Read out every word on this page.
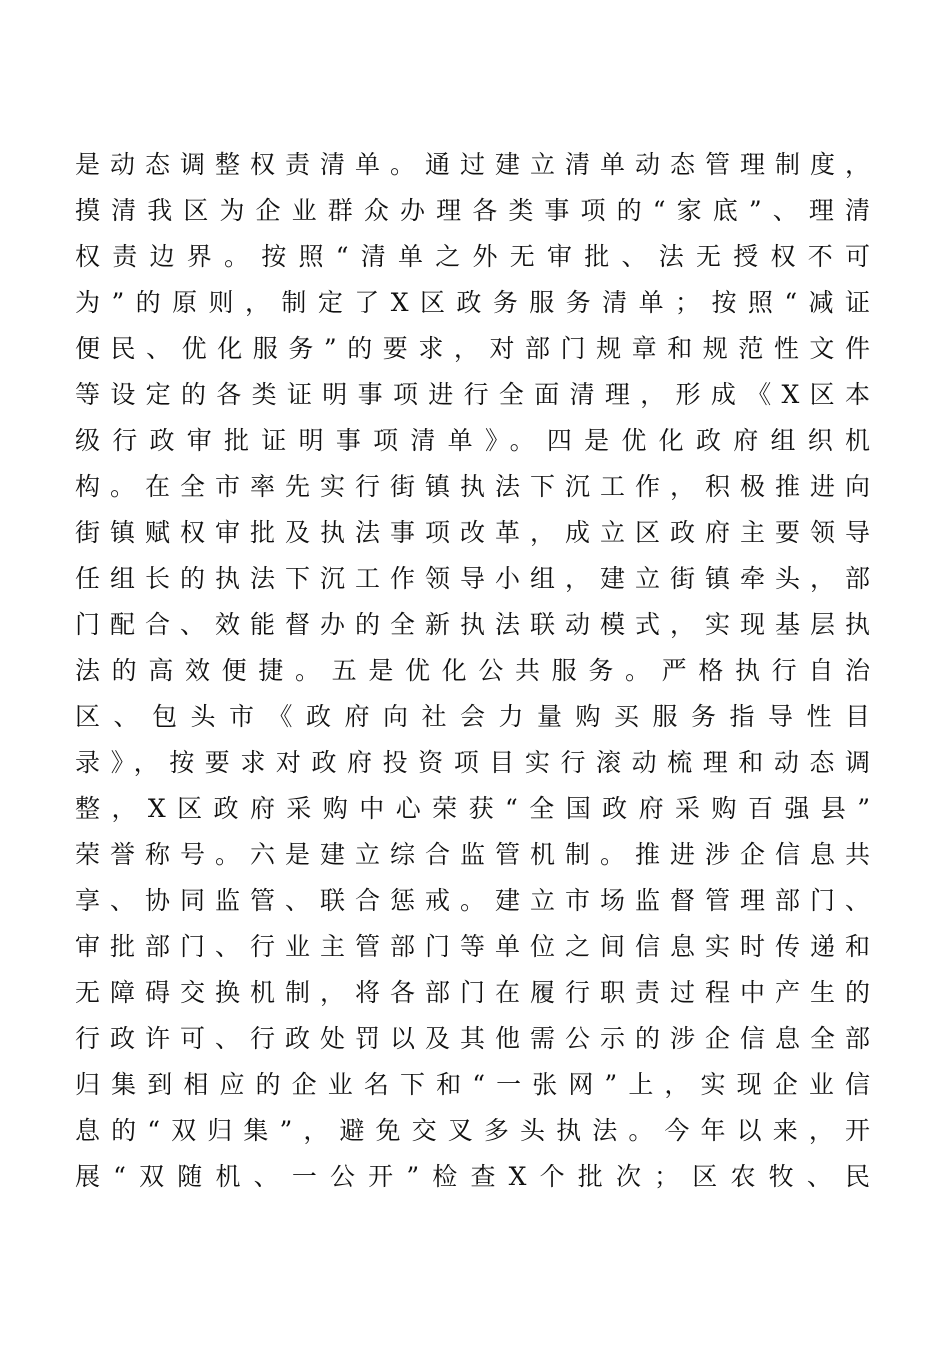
是动态调整权责清单。通过建立清单动态管理制度，
摸清我区为企业群众办理各类事项的“家底”、理清
权责边界。按照“清单之外无审批、法无授权不可
为”的原则，制定了X区政务服务清单；按照“减证
便民、优化服务”的要求，对部门规章和规范性文件
等设定的各类证明事项进行全面清理，形成《X区本
级行政审批证明事项清单》。四是优化政府组织机
构。在全市率先实行街镇执法下沉工作，积极推进向
街镇赋权审批及执法事项改革，成立区政府主要领导
任组长的执法下沉工作领导小组，建立街镇牵头，部
门配合、效能督办的全新执法联动模式，实现基层执
法的高效便捷。五是优化公共服务。严格执行自治
区、包头市《政府向社会力量购买服务指导性目
录》，按要求对政府投资项目实行滚动梳理和动态调
整，X区政府采购中心荣获“全国政府采购百强县”
荣誉称号。六是建立综合监管机制。推进涉企信息共
享、协同监管、联合惩戒。建立市场监督管理部门、
审批部门、行业主管部门等单位之间信息实时传递和
无障碍交换机制，将各部门在履行职责过程中产生的
行政许可、行政处罚以及其他需公示的涉企信息全部
归集到相应的企业名下和“一张网”上，实现企业信
息的“双归集”，避免交叉多头执法。今年以来，开
展“双随机、一公开”检查X个批次；区农牧、民
